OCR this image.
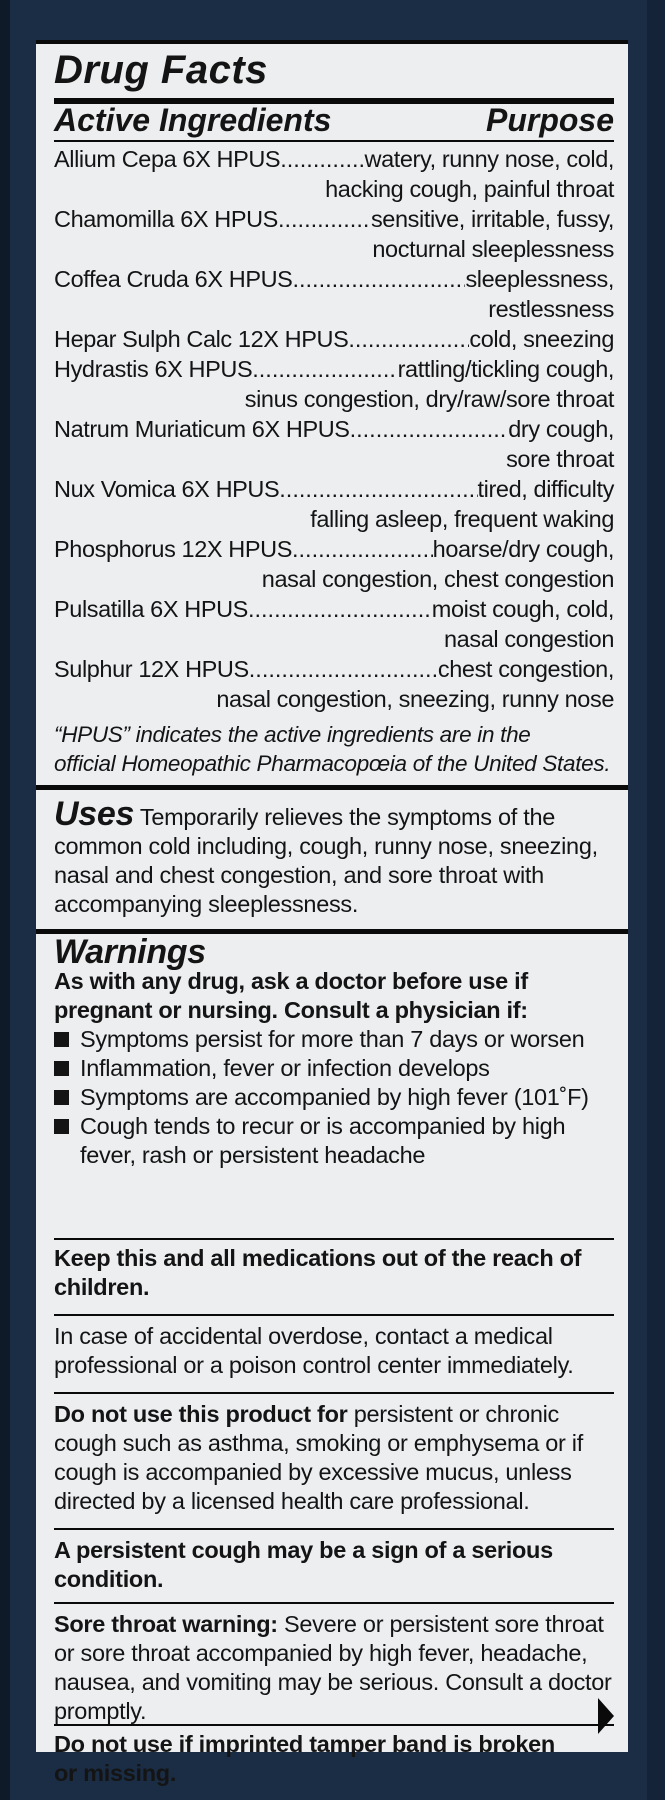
Drug Facts
Active Ingredients	Purpose
Allium Cepa 6X HPUS .....	watery, runny nose, cold,
hacking cough, painful throat
Chamomilla 6X HPUS .....	sensitive, irritable, fussy,
nocturnal sleeplessness
Coffea Cruda 6X HPUS .....	sleeplessness,
restlessness
Hepar Sulph Calc 12X HPUS .....	cold, sneezing
Hydrastis 6X HPUS .....	rattling/tickling cough,
sinus congestion, dry/raw/sore throat
Natrum Muriaticum 6X HPUS .....	dry cough,
sore throat
Nux Vomica 6X HPUS .....	tired, difficulty
falling asleep, frequent waking
Phosphorus 12X HPUS .....	hoarse/dry cough,
nasal congestion, chest congestion
Pulsatilla 6X HPUS .....	moist cough, cold,
nasal congestion
Sulphur 12X HPUS .....	chest congestion,
nasal congestion, sneezing, runny nose
“HPUS” indicates the active ingredients are in the
official Homeopathic Pharmacopœia of the United States.
Uses Temporarily relieves the symptoms of the common cold including, cough, runny nose, sneezing, nasal and chest congestion, and sore throat with accompanying sleeplessness.
Warnings
As with any drug, ask a doctor before use if pregnant or nursing. Consult a physician if:
Symptoms persist for more than 7 days or worsen
Inflammation, fever or infection develops
Symptoms are accompanied by high fever (101˚F)
Cough tends to recur or is accompanied by high fever, rash or persistent headache
Keep this and all medications out of the reach of children.
In case of accidental overdose, contact a medical professional or a poison control center immediately.
Do not use this product for persistent or chronic cough such as asthma, smoking or emphysema or if cough is accompanied by excessive mucus, unless directed by a licensed health care professional.
A persistent cough may be a sign of a serious condition.
Sore throat warning: Severe or persistent sore throat or sore throat accompanied by high fever, headache, nausea, and vomiting may be serious. Consult a doctor promptly.
Do not use if imprinted tamper band is broken or missing.
